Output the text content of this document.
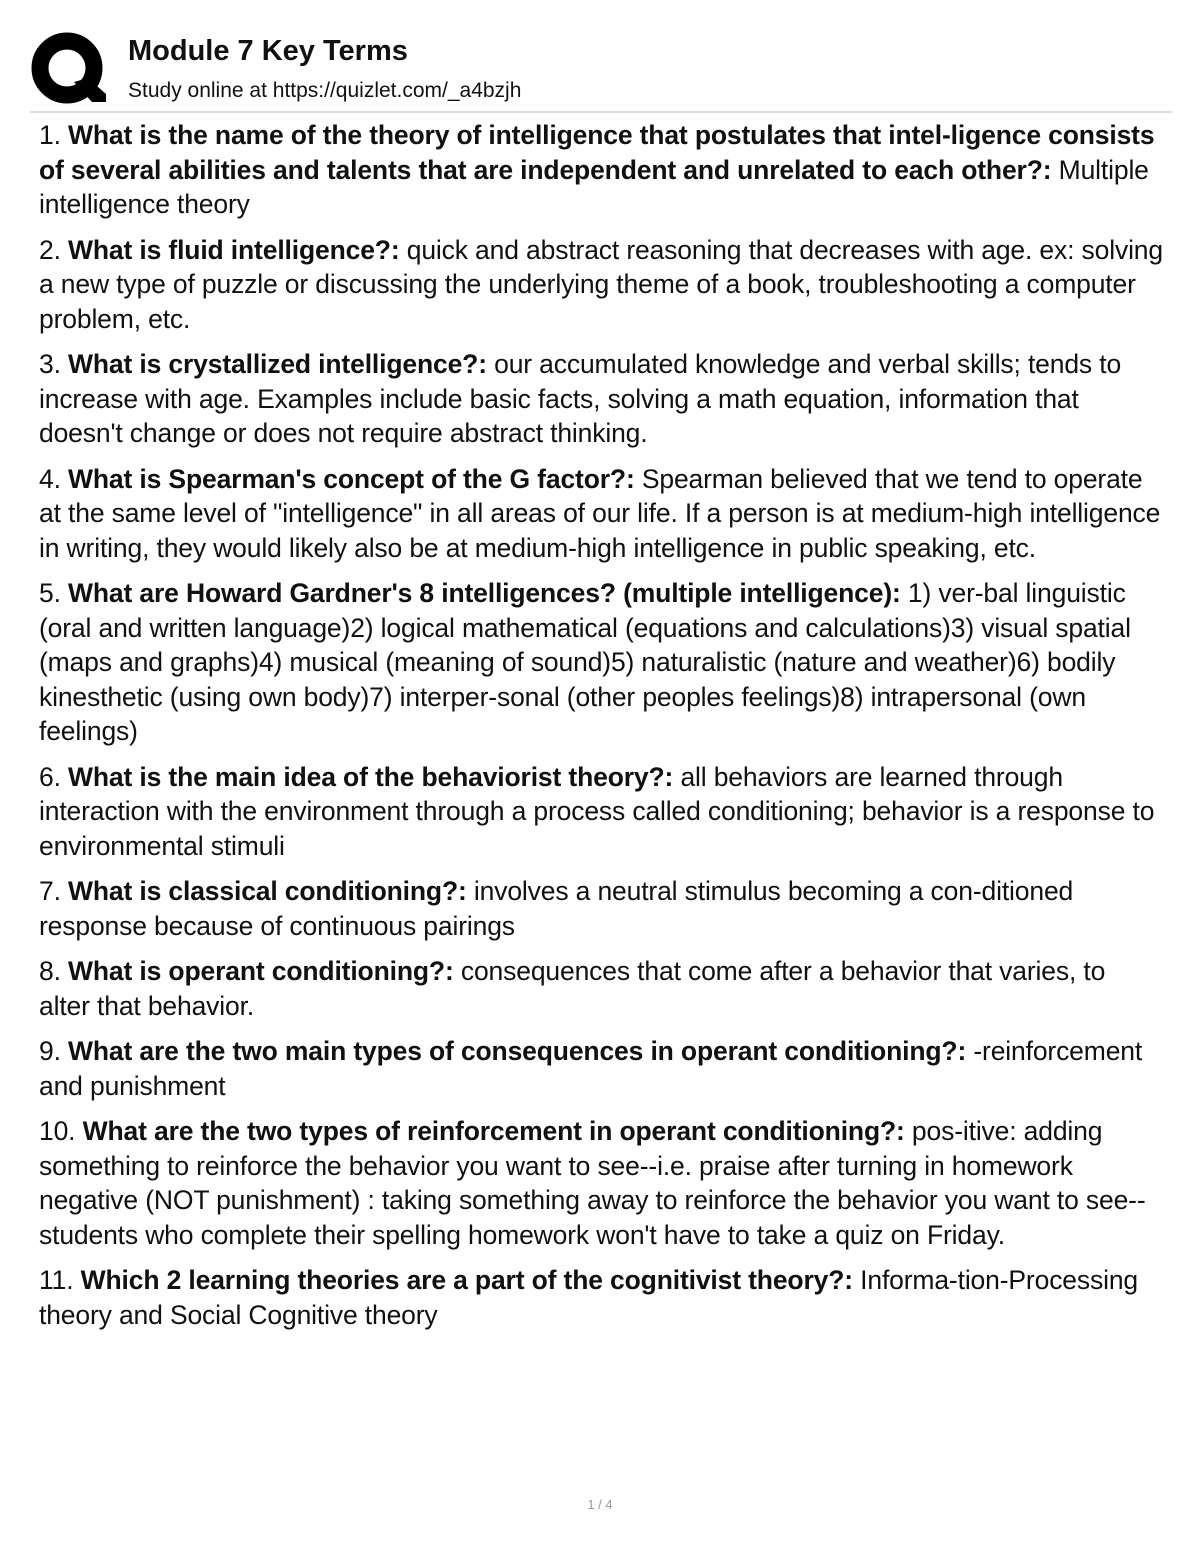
Module 7 Key Terms
Study online at https://quizlet.com/_a4bzjh
1. What is the name of the theory of intelligence that postulates that intel-ligence consists of several abilities and talents that are independent and unrelated to each other?: Multiple intelligence theory
2. What is fluid intelligence?: quick and abstract reasoning that decreases with age. ex: solving a new type of puzzle or discussing the underlying theme of a book, troubleshooting a computer problem, etc.
3. What is crystallized intelligence?: our accumulated knowledge and verbal skills; tends to increase with age. Examples include basic facts, solving a math equation, information that doesn't change or does not require abstract thinking.
4. What is Spearman's concept of the G factor?: Spearman believed that we tend to operate at the same level of "intelligence" in all areas of our life. If a person is at medium-high intelligence in writing, they would likely also be at medium-high intelligence in public speaking, etc.
5. What are Howard Gardner's 8 intelligences? (multiple intelligence): 1) ver-bal linguistic (oral and written language)2) logical mathematical (equations and calculations)3) visual spatial (maps and graphs)4) musical (meaning of sound)5) naturalistic (nature and weather)6) bodily kinesthetic (using own body)7) interper-sonal (other peoples feelings)8) intrapersonal (own feelings)
6. What is the main idea of the behaviorist theory?: all behaviors are learned through interaction with the environment through a process called conditioning; behavior is a response to environmental stimuli
7. What is classical conditioning?: involves a neutral stimulus becoming a con-ditioned response because of continuous pairings
8. What is operant conditioning?: consequences that come after a behavior that varies, to alter that behavior.
9. What are the two main types of consequences in operant conditioning?: -reinforcement and punishment
10. What are the two types of reinforcement in operant conditioning?: pos-itive: adding something to reinforce the behavior you want to see--i.e. praise after turning in homework negative (NOT punishment) : taking something away to reinforce the behavior you want to see--students who complete their spelling homework won't have to take a quiz on Friday.
11. Which 2 learning theories are a part of the cognitivist theory?: Informa-tion-Processing theory and Social Cognitive theory
1 / 4
